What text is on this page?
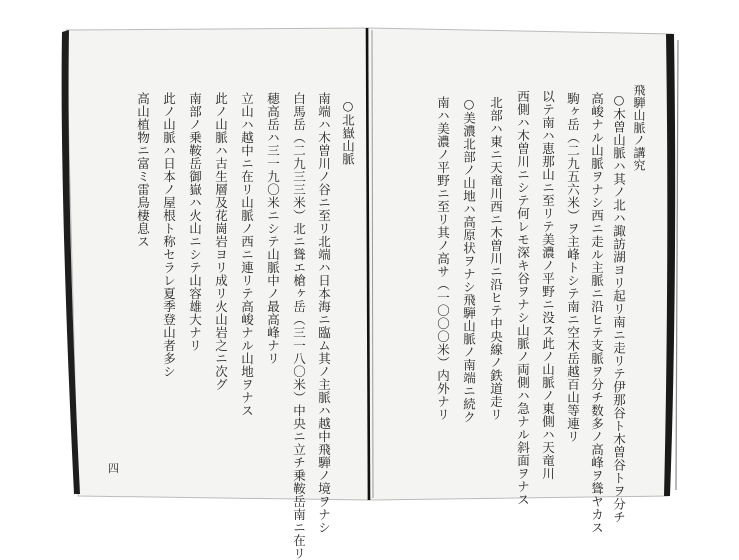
飛騨山脈ノ講究
○木曽山脈ハ其ノ北ハ諏訪湖ヨリ起リ南ニ走リテ伊那谷ト木曽谷トヲ分チ
高峻ナル山脈ヲナシ西ニ走ル主脈ニ沿ヒテ支脈ヲ分チ数多ノ高峰ヲ聳ヤカス
駒ヶ岳（二九五六米）ヲ主峰トシテ南ニ空木岳越百山等連リ
以テ南ハ恵那山ニ至リテ美濃ノ平野ニ没ス此ノ山脈ノ東側ハ天竜川
西側ハ木曽川ニシテ何レモ深キ谷ヲナシ山脈ノ両側ハ急ナル斜面ヲナス
北部ハ東ニ天竜川西ニ木曽川ニ沿ヒテ中央線ノ鉄道走リ
○美濃北部ノ山地ハ高原状ヲナシ飛騨山脈ノ南端ニ続ク
南ハ美濃ノ平野ニ至リ其ノ高サ（一〇〇〇米）内外ナリ
○北嶽山脈
南端ハ木曽川ノ谷ニ至リ北端ハ日本海ニ臨ム其ノ主脈ハ越中飛騨ノ境ヲナシ
白馬岳（二九三三米）北ニ聳エ槍ヶ岳（三一八〇米）中央ニ立チ乗鞍岳南ニ在リ
穂高岳ハ三一九〇米ニシテ山脈中ノ最高峰ナリ
立山ハ越中ニ在リ山脈ノ西ニ連リテ高峻ナル山地ヲナス
此ノ山脈ハ古生層及花崗岩ヨリ成リ火山岩之ニ次グ
南部ノ乗鞍岳御嶽ハ火山ニシテ山容雄大ナリ
此ノ山脈ハ日本ノ屋根ト称セラレ夏季登山者多シ
高山植物ニ富ミ雷鳥棲息ス
四
